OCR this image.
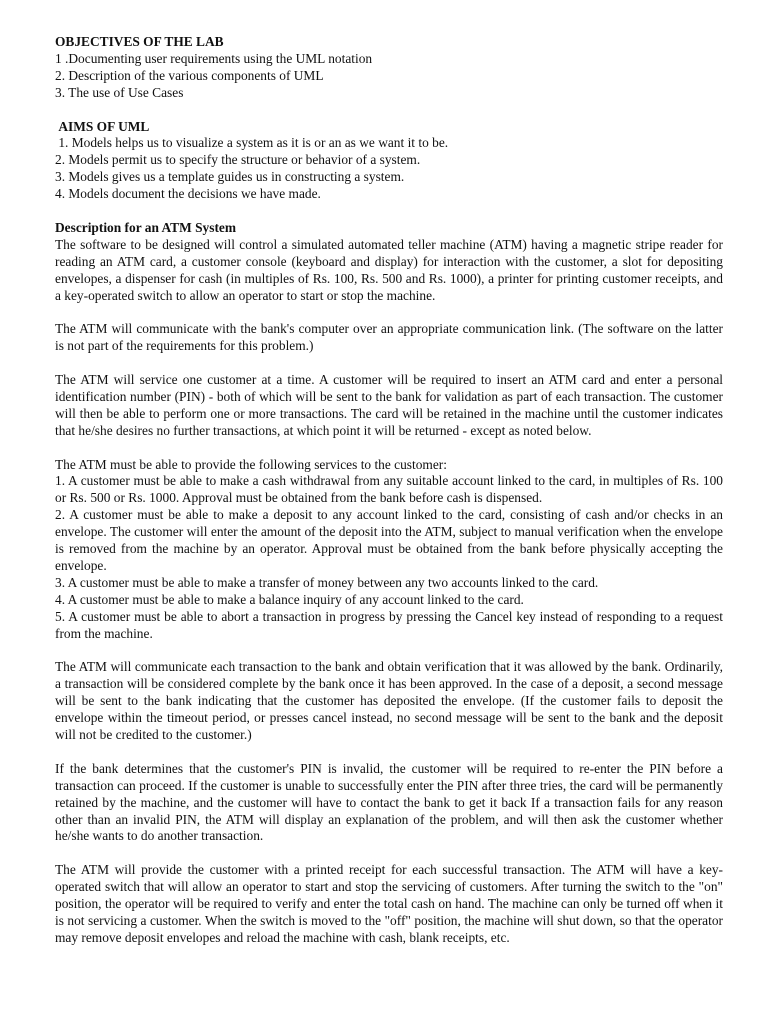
OBJECTIVES OF THE LAB

1 .Documenting user requirements using the UML notation

2. Description of the various components of UML

3. The use of Use Cases

AIMS OF UML

1. Models helps us to visualize a system as it is or an as we want it to be.

2. Models permit us to specify the structure or behavior of a system.

3. Models gives us a template guides us in constructing a system.

4. Models document the decisions we have made.

Description for an ATM System

The software to be designed will control a simulated automated teller machine (ATM) having a magnetic stripe reader for reading an ATM card, a customer console (keyboard and display) for interaction with the customer, a slot for depositing envelopes, a dispenser for cash (in multiples of Rs. 100, Rs. 500 and Rs. 1000), a printer for printing customer receipts, and a key-operated switch to allow an operator to start or stop the machine.

The ATM will communicate with the bank's computer over an appropriate communication link. (The software on the latter is not part of the requirements for this problem.)

The ATM will service one customer at a time. A customer will be required to insert an ATM card and enter a personal identification number (PIN) - both of which will be sent to the bank for validation as part of each transaction. The customer will then be able to perform one or more transactions. The card will be retained in the machine until the customer indicates that he/she desires no further transactions, at which point it will be returned - except as noted below.

The ATM must be able to provide the following services to the customer:

1. A customer must be able to make a cash withdrawal from any suitable account linked to the card, in multiples of Rs. 100 or Rs. 500 or Rs. 1000. Approval must be obtained from the bank before cash is dispensed.

2. A customer must be able to make a deposit to any account linked to the card, consisting of cash and/or checks in an envelope. The customer will enter the amount of the deposit into the ATM, subject to manual verification when the envelope is removed from the machine by an operator. Approval must be obtained from the bank before physically accepting the envelope.

3. A customer must be able to make a transfer of money between any two accounts linked to the card.

4. A customer must be able to make a balance inquiry of any account linked to the card.

5. A customer must be able to abort a transaction in progress by pressing the Cancel key instead of responding to a request from the machine.

The ATM will communicate each transaction to the bank and obtain verification that it was allowed by the bank. Ordinarily, a transaction will be considered complete by the bank once it has been approved. In the case of a deposit, a second message will be sent to the bank indicating that the customer has deposited the envelope. (If the customer fails to deposit the envelope within the timeout period, or presses cancel instead, no second message will be sent to the bank and the deposit will not be credited to the customer.)

If the bank determines that the customer's PIN is invalid, the customer will be required to re-enter the PIN before a transaction can proceed. If the customer is unable to successfully enter the PIN after three tries, the card will be permanently retained by the machine, and the customer will have to contact the bank to get it back If a transaction fails for any reason other than an invalid PIN, the ATM will display an explanation of the problem, and will then ask the customer whether he/she wants to do another transaction.

The ATM will provide the customer with a printed receipt for each successful transaction. The ATM will have a key-operated switch that will allow an operator to start and stop the servicing of customers. After turning the switch to the "on" position, the operator will be required to verify and enter the total cash on hand. The machine can only be turned off when it is not servicing a customer. When the switch is moved to the "off" position, the machine will shut down, so that the operator may remove deposit envelopes and reload the machine with cash, blank receipts, etc.
